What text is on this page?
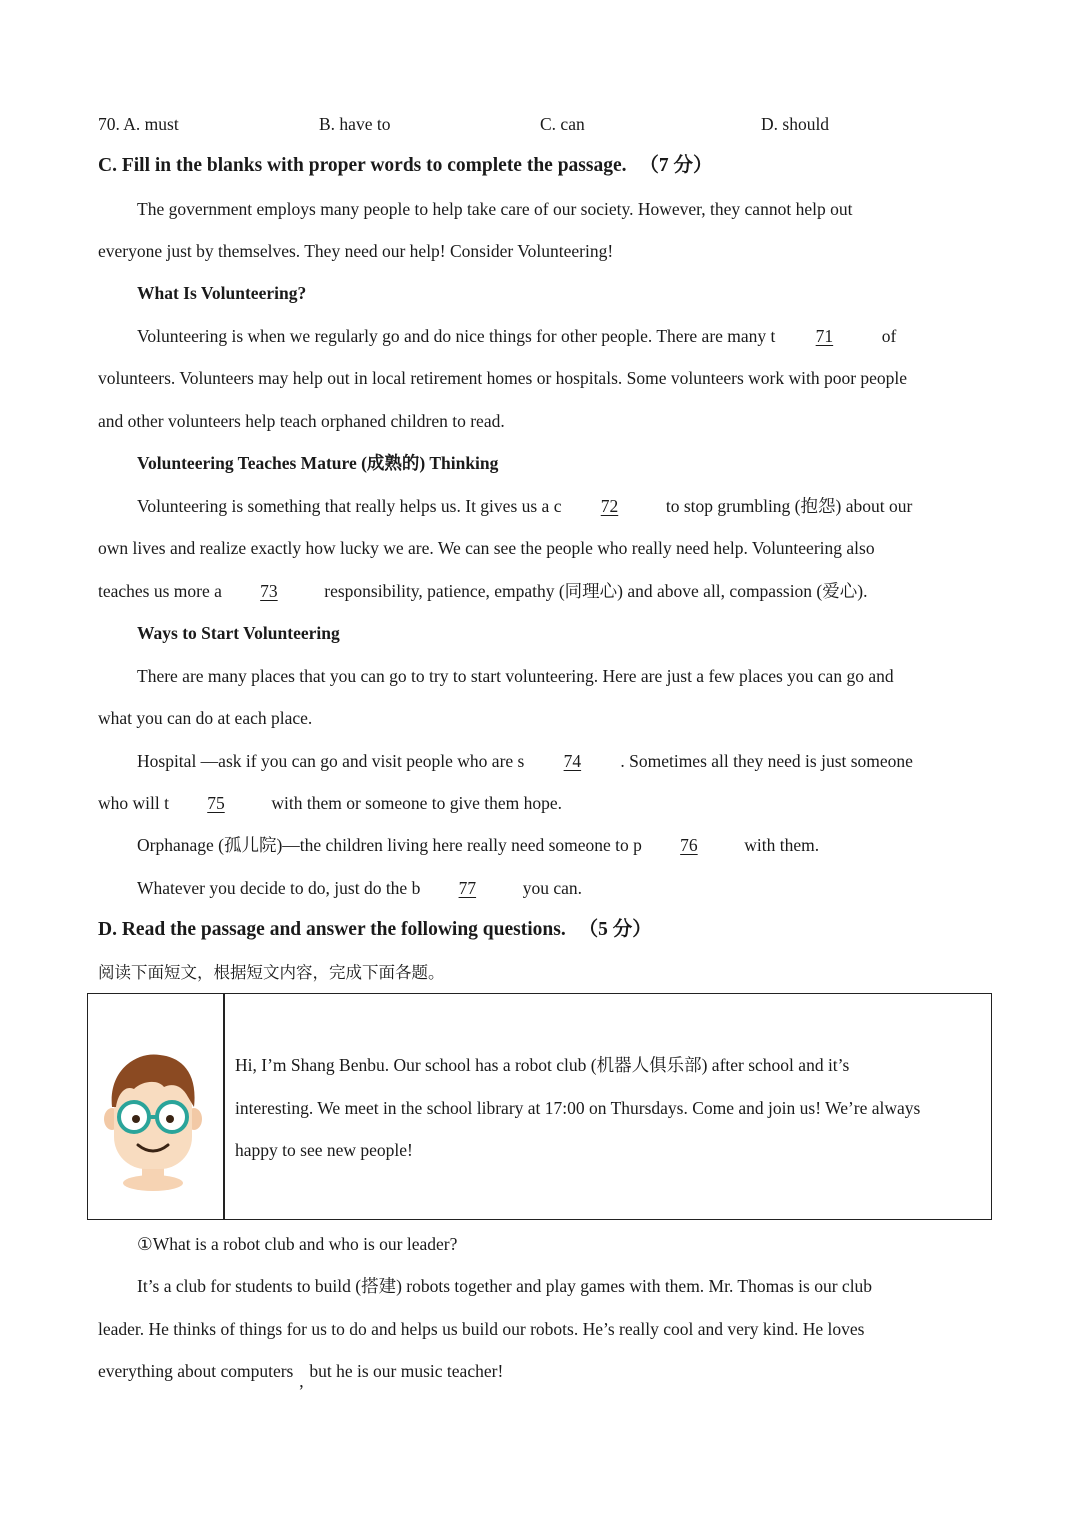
70. A. must	B. have to	C. can	D. should
C. Fill in the blanks with proper words to complete the passage. （7 分）
The government employs many people to help take care of our society. However, they cannot help out
everyone just by themselves. They need our help! Consider Volunteering!
What Is Volunteering?
Volunteering is when we regularly go and do nice things for other people. There are many t 71	of
volunteers. Volunteers may help out in local retirement homes or hospitals. Some volunteers work with poor people
and other volunteers help teach orphaned children to read.
Volunteering Teaches Mature (成熟的) Thinking
Volunteering is something that really helps us. It gives us a c 72	to stop grumbling (抱怨) about our
own lives and realize exactly how lucky we are. We can see the people who really need help. Volunteering also
teaches us more a 73	responsibility, patience, empathy (同理心) and above all, compassion (爱心).
Ways to Start Volunteering
There are many places that you can go to try to start volunteering. Here are just a few places you can go and
what you can do at each place.
Hospital —ask if you can go and visit people who are s 74 . Sometimes all they need is just someone
who will t 75	with them or someone to give them hope.
Orphanage (孤儿院)—the children living here really need someone to p 76	with them.
Whatever you decide to do, just do the b 77	you can.
D. Read the passage and answer the following questions. （5 分）
阅读下面短文，根据短文内容，完成下面各题。
Hi, I’m Shang Benbu. Our school has a robot club (机器人俱乐部) after school and it’s
interesting. We meet in the school library at 17:00 on Thursdays. Come and join us! We’re always
happy to see new people!
①What is a robot club and who is our leader?
It’s a club for students to build (搭建) robots together and play games with them. Mr. Thomas is our club
leader. He thinks of things for us to do and helps us build our robots. He’s really cool and very kind. He loves
everything about computers , but he is our music teacher!
